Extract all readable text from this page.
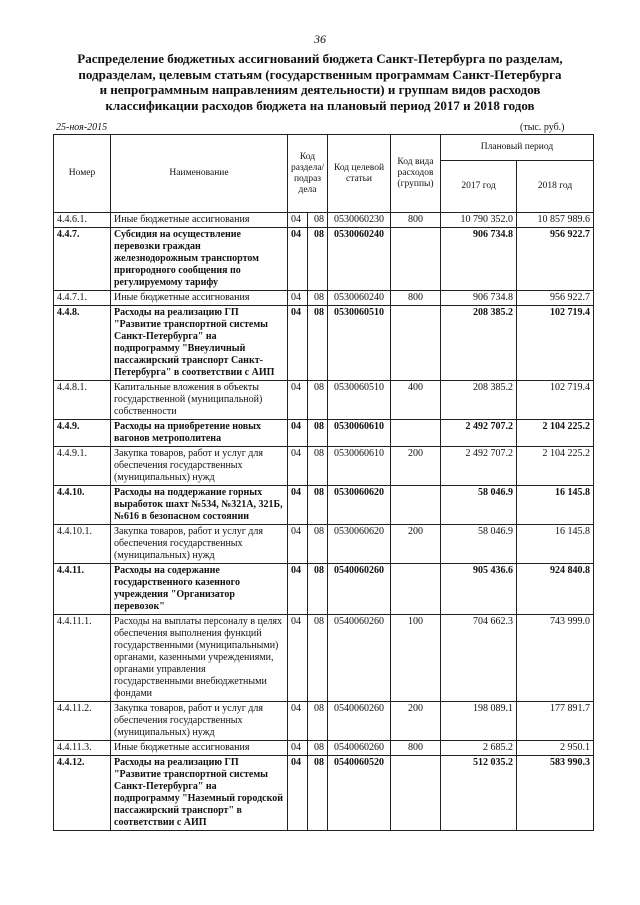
36
Распределение бюджетных ассигнований бюджета Санкт-Петербурга по разделам,
подразделам, целевым статьям (государственным программам Санкт-Петербурга
и непрограммным направлениям деятельности) и группам видов расходов
классификации расходов бюджета на плановый период 2017 и 2018 годов
25-ноя-2015	(тыс. руб.)
Номер	Наименование	Код раздела/ подраз дела		Код целевой статьи	Код вида расходов (группы)	Плановый период	
						2017 год	2018 год
4.4.6.1.	Иные бюджетные ассигнования	04	08	0530060230	800	10 790 352.0	10 857 989.6
4.4.7.	Субсидия на осуществление перевозки граждан железнодорожным транспортом пригородного сообщения по регулируемому тарифу	04	08	0530060240		906 734.8	956 922.7
4.4.7.1.	Иные бюджетные ассигнования	04	08	0530060240	800	906 734.8	956 922.7
4.4.8.	Расходы на реализацию ГП "Развитие транспортной системы Санкт-Петербурга" на подпрограмму "Внеуличный пассажирский транспорт Санкт-Петербурга" в соответствии с АИП	04	08	0530060510		208 385.2	102 719.4
4.4.8.1.	Капитальные вложения в объекты государственной (муниципальной) собственности	04	08	0530060510	400	208 385.2	102 719.4
4.4.9.	Расходы на приобретение новых вагонов метрополитена	04	08	0530060610		2 492 707.2	2 104 225.2
4.4.9.1.	Закупка товаров, работ и услуг для обеспечения государственных (муниципальных) нужд	04	08	0530060610	200	2 492 707.2	2 104 225.2
4.4.10.	Расходы на поддержание горных выработок шахт №534, №321А, 321Б, №616 в безопасном состоянии	04	08	0530060620		58 046.9	16 145.8
4.4.10.1.	Закупка товаров, работ и услуг для обеспечения государственных (муниципальных) нужд	04	08	0530060620	200	58 046.9	16 145.8
4.4.11.	Расходы на содержание государственного казенного учреждения "Организатор перевозок"	04	08	0540060260		905 436.6	924 840.8
4.4.11.1.	Расходы на выплаты персоналу в целях обеспечения выполнения функций государственными (муниципальными) органами, казенными учреждениями, органами управления государственными внебюджетными фондами	04	08	0540060260	100	704 662.3	743 999.0
4.4.11.2.	Закупка товаров, работ и услуг для обеспечения государственных (муниципальных) нужд	04	08	0540060260	200	198 089.1	177 891.7
4.4.11.3.	Иные бюджетные ассигнования	04	08	0540060260	800	2 685.2	2 950.1
4.4.12.	Расходы на реализацию ГП "Развитие транспортной системы Санкт-Петербурга" на подпрограмму "Наземный городской пассажирский транспорт" в соответствии с АИП	04	08	0540060520		512 035.2	583 990.3
